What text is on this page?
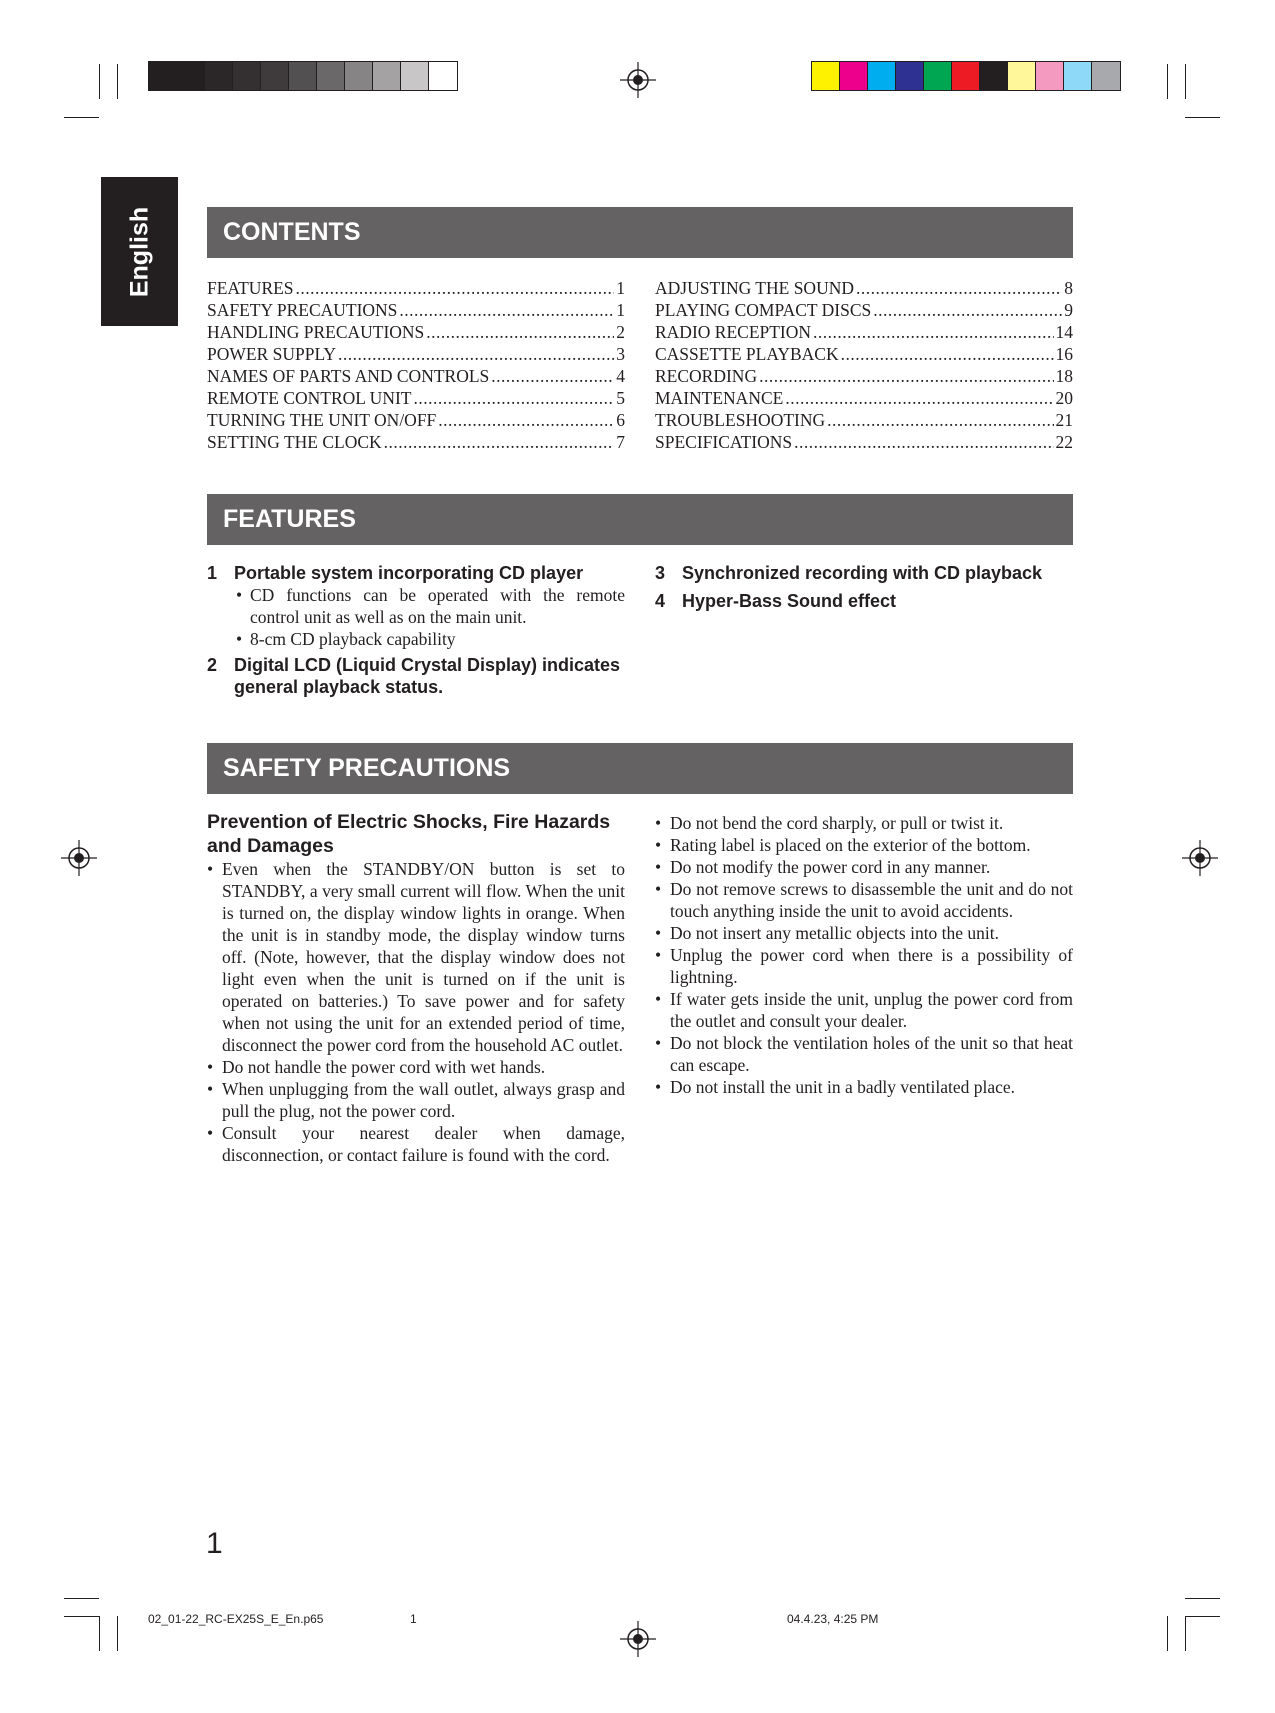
English	CONTENTS
FEATURES .....	1
SAFETY PRECAUTIONS .....	1
HANDLING PRECAUTIONS .....	2
POWER SUPPLY .....	3
NAMES OF PARTS AND CONTROLS .....	4
REMOTE CONTROL UNIT .....	5
TURNING THE UNIT ON/OFF .....	6
SETTING THE CLOCK .....	7
ADJUSTING THE SOUND .....	8
PLAYING COMPACT DISCS .....	9
RADIO RECEPTION .....	14
CASSETTE PLAYBACK .....	16
RECORDING .....	18
MAINTENANCE .....	20
TROUBLESHOOTING .....	21
SPECIFICATIONS .....	22
FEATURES
1 Portable system incorporating CD player
• CD functions can be operated with the remote control unit as well as on the main unit.
• 8-cm CD playback capability
2 Digital LCD (Liquid Crystal Display) indicates general playback status.
3 Synchronized recording with CD playback
4 Hyper-Bass Sound effect
SAFETY PRECAUTIONS
Prevention of Electric Shocks, Fire Hazards and Damages
• Even when the STANDBY/ON button is set to STANDBY, a very small current will flow. When the unit is turned on, the display window lights in orange. When the unit is in standby mode, the display window turns off. (Note, however, that the display window does not light even when the unit is turned on if the unit is operated on batteries.) To save power and for safety when not using the unit for an extended period of time, disconnect the power cord from the household AC outlet.
• Do not handle the power cord with wet hands.
• When unplugging from the wall outlet, always grasp and pull the plug, not the power cord.
• Consult your nearest dealer when damage, disconnection, or contact failure is found with the cord.
• Do not bend the cord sharply, or pull or twist it.
• Rating label is placed on the exterior of the bottom.
• Do not modify the power cord in any manner.
• Do not remove screws to disassemble the unit and do not touch anything inside the unit to avoid accidents.
• Do not insert any metallic objects into the unit.
• Unplug the power cord when there is a possibility of lightning.
• If water gets inside the unit, unplug the power cord from the outlet and consult your dealer.
• Do not block the ventilation holes of the unit so that heat can escape.
• Do not install the unit in a badly ventilated place.
1
02_01-22_RC-EX25S_E_En.p65	1	04.4.23, 4:25 PM
